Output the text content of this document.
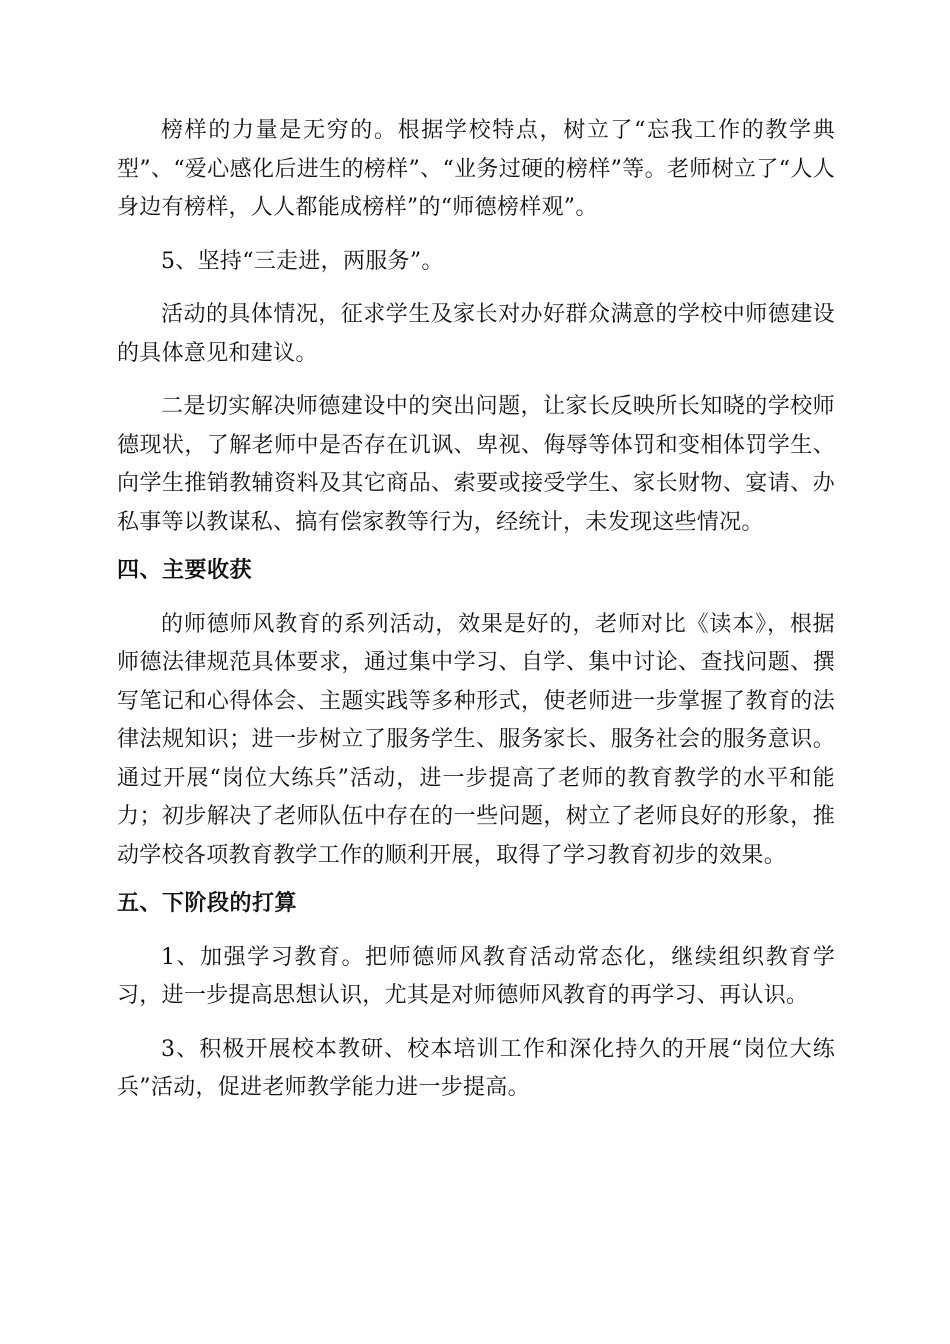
榜样的力量是无穷的。根据学校特点，树立了“忘我工作的教学典型”、“爱心感化后进生的榜样”、“业务过硬的榜样”等。老师树立了“人人身边有榜样，人人都能成榜样”的“师德榜样观”。

5、坚持“三走进，两服务”。

活动的具体情况，征求学生及家长对办好群众满意的学校中师德建设的具体意见和建议。

二是切实解决师德建设中的突出问题，让家长反映所长知晓的学校师德现状，了解老师中是否存在讥讽、卑视、侮辱等体罚和变相体罚学生、向学生推销教辅资料及其它商品、索要或接受学生、家长财物、宴请、办私事等以教谋私、搞有偿家教等行为，经统计，未发现这些情况。

四、主要收获

的师德师风教育的系列活动，效果是好的，老师对比《读本》，根据师德法律规范具体要求，通过集中学习、自学、集中讨论、查找问题、撰写笔记和心得体会、主题实践等多种形式，使老师进一步掌握了教育的法律法规知识；进一步树立了服务学生、服务家长、服务社会的服务意识。通过开展“岗位大练兵”活动，进一步提高了老师的教育教学的水平和能力；初步解决了老师队伍中存在的一些问题，树立了老师良好的形象，推动学校各项教育教学工作的顺利开展，取得了学习教育初步的效果。

五、下阶段的打算

1、加强学习教育。把师德师风教育活动常态化，继续组织教育学习，进一步提高思想认识，尤其是对师德师风教育的再学习、再认识。

3、积极开展校本教研、校本培训工作和深化持久的开展“岗位大练兵”活动，促进老师教学能力进一步提高。
